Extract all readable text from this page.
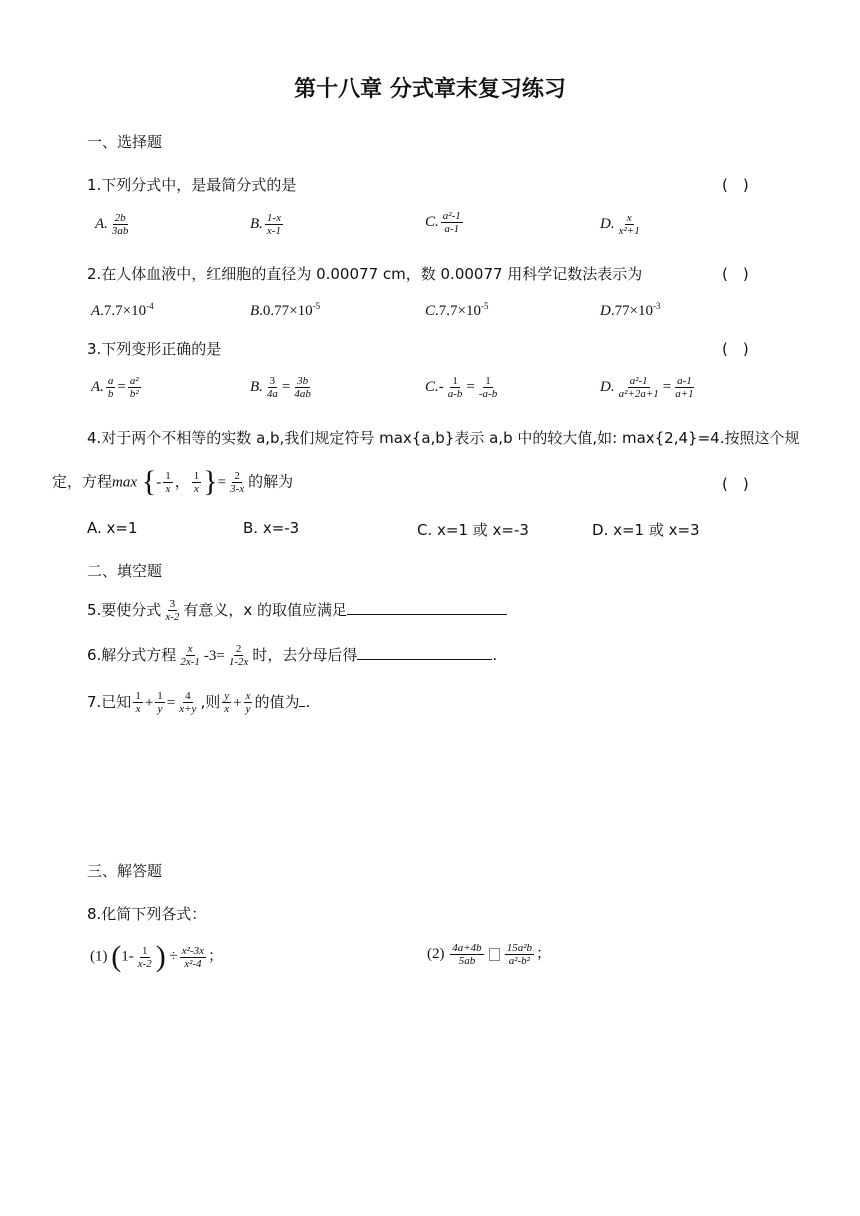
第十八章 分式章末复习练习
一、选择题
1.下列分式中，是最简分式的是	(　)
A. $\frac{2b}{3ab}$	B. $\frac{1-x}{x-1}$	C. $\frac{\text{a²-1}}{a-1}$	D. $\frac{x}{\text{x²+1}}$
2.在人体血液中，红细胞的直径为 0.00077 cm，数 0.00077 用科学记数法表示为	(　)
$A.7.7\times 10^{-4}$	$B.0.77\times 10^{-5}$	$C.7.7\times 10^{-5}$	$D.77\times 10^{-3}$
3.下列变形正确的是	(　)
A. $\frac{a}{b} = \frac{\text{a²}}{\text{b²}}$	B. $\frac{3}{4a} = \frac{3b}{4ab}$	$C.- \frac{1}{a-b} = \frac{1}{-a-b}$	D. $\frac{\text{a²-1}}{\text{a²+2a+1}} = \frac{a-1}{a+1}$
4.对于两个不相等的实数 a,b,我们规定符号 max{a,b}表示 a,b 中的较大值,如: max{2,4}=4.按照这个规
定，方程max {- $\frac{1}{x}$ ， $\frac{1}{x}$ }= $\frac{2}{3-x}$ 的解为	(　)
A. x=1	B. x=-3	C. x=1 或 x=-3	D. x=1 或 x=3
二、填空题
5.要使分式 $\frac{3}{x-2}$ 有意义，x 的取值应满足
6.解分式方程 $\frac{x}{2x-1} -3= \frac{2}{1-2x}$ 时，去分母后得	.
7.已知 $\frac{1}{x} + \frac{1}{y} = \frac{4}{x+y}$ ,则 $\frac{y}{x} + \frac{x}{y}$ 的值为 .
三、解答题
8.化简下列各式：
(1) ($1- \frac{1}{x-2}$ ) ÷ $\frac{\text{x²-3x}}{\text{x²-4}}$ ；	$(2) \frac{4a+4b}{5ab} \frac{\text{15a²b}}{\text{a²-b²}}$ ；
